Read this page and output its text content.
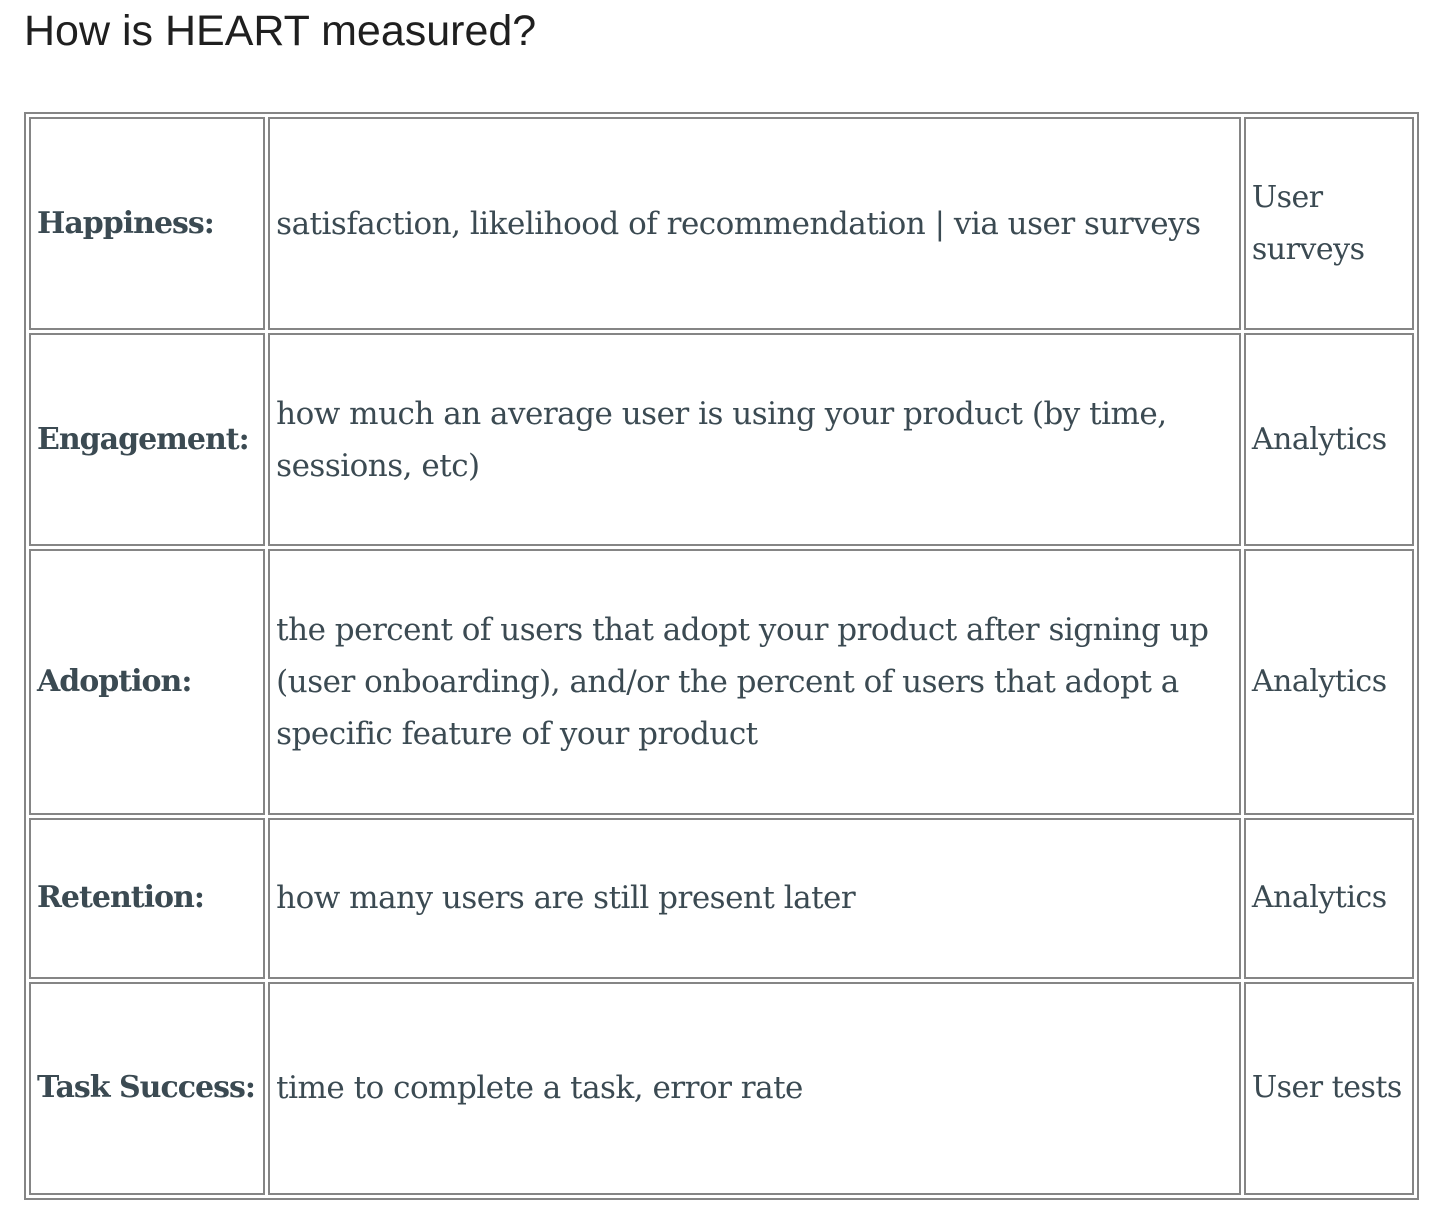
How is HEART measured?
Happiness:	satisfaction, likelihood of recommendation | via user surveys	User surveys
Engagement:	how much an average user is using your product (by time, sessions, etc)	Analytics
Adoption:	the percent of users that adopt your product after signing up (user onboarding), and/or the percent of users that adopt a specific feature of your product	Analytics
Retention:	how many users are still present later	Analytics
Task Success:	time to complete a task, error rate	User tests
